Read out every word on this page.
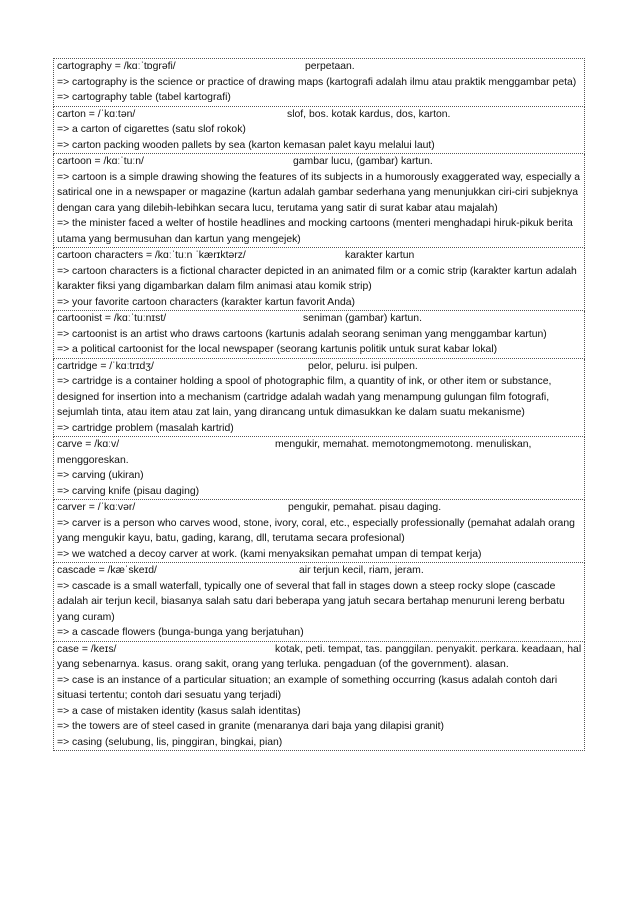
cartography = /kɑːˈtɒgrəfi/	perpetaan.
=> cartography is the science or practice of drawing maps (kartografi adalah ilmu atau praktik menggambar peta)
=> cartography table (tabel kartografi)
carton = /ˈkɑːtən/	slof, bos. kotak kardus, dos, karton.
=> a carton of cigarettes (satu slof rokok)
=> carton packing wooden pallets by sea (karton kemasan palet kayu melalui laut)
cartoon = /kɑːˈtuːn/	gambar lucu, (gambar) kartun.
=> cartoon is a simple drawing showing the features of its subjects in a humorously exaggerated way, especially a satirical one in a newspaper or magazine (kartun adalah gambar sederhana yang menunjukkan ciri-ciri subjeknya dengan cara yang dilebih-lebihkan secara lucu, terutama yang satir di surat kabar atau majalah)
=> the minister faced a welter of hostile headlines and mocking cartoons (menteri menghadapi hiruk-pikuk berita utama yang bermusuhan dan kartun yang mengejek)
cartoon characters = /kɑːˈtuːn ˈkærɪktərz/	karakter kartun
=> cartoon characters is a fictional character depicted in an animated film or a comic strip (karakter kartun adalah karakter fiksi yang digambarkan dalam film animasi atau komik strip)
=> your favorite cartoon characters (karakter kartun favorit Anda)
cartoonist = /kɑːˈtuːnɪst/	seniman (gambar) kartun.
=> cartoonist is an artist who draws cartoons (kartunis adalah seorang seniman yang menggambar kartun)
=> a political cartoonist for the local newspaper (seorang kartunis politik untuk surat kabar lokal)
cartridge = /ˈkɑːtrɪdʒ/	pelor, peluru. isi pulpen.
=> cartridge is a container holding a spool of photographic film, a quantity of ink, or other item or substance, designed for insertion into a mechanism (cartridge adalah wadah yang menampung gulungan film fotografi, sejumlah tinta, atau item atau zat lain, yang dirancang untuk dimasukkan ke dalam suatu mekanisme)
=> cartridge problem (masalah kartrid)
carve = /kɑːv/	mengukir, memahat. memotongmemotong. menuliskan, menggoreskan.
=> carving (ukiran)
=> carving knife (pisau daging)
carver = /ˈkɑːvər/	pengukir, pemahat. pisau daging.
=> carver is a person who carves wood, stone, ivory, coral, etc., especially professionally (pemahat adalah orang yang mengukir kayu, batu, gading, karang, dll, terutama secara profesional)
=> we watched a decoy carver at work. (kami menyaksikan pemahat umpan di tempat kerja)
cascade = /kæˈskeɪd/	air terjun kecil, riam, jeram.
=> cascade is a small waterfall, typically one of several that fall in stages down a steep rocky slope (cascade adalah air terjun kecil, biasanya salah satu dari beberapa yang jatuh secara bertahap menuruni lereng berbatu yang curam)
=> a cascade flowers (bunga-bunga yang berjatuhan)
case = /keɪs/	kotak, peti. tempat, tas. panggilan. penyakit. perkara. keadaan, hal yang sebenarnya. kasus. orang sakit, orang yang terluka. pengaduan (of the government). alasan.
=> case is an instance of a particular situation; an example of something occurring (kasus adalah contoh dari situasi tertentu; contoh dari sesuatu yang terjadi)
=> a case of mistaken identity (kasus salah identitas)
=> the towers are of steel cased in granite (menaranya dari baja yang dilapisi granit)
=> casing (selubung, lis, pinggiran, bingkai, pian)
